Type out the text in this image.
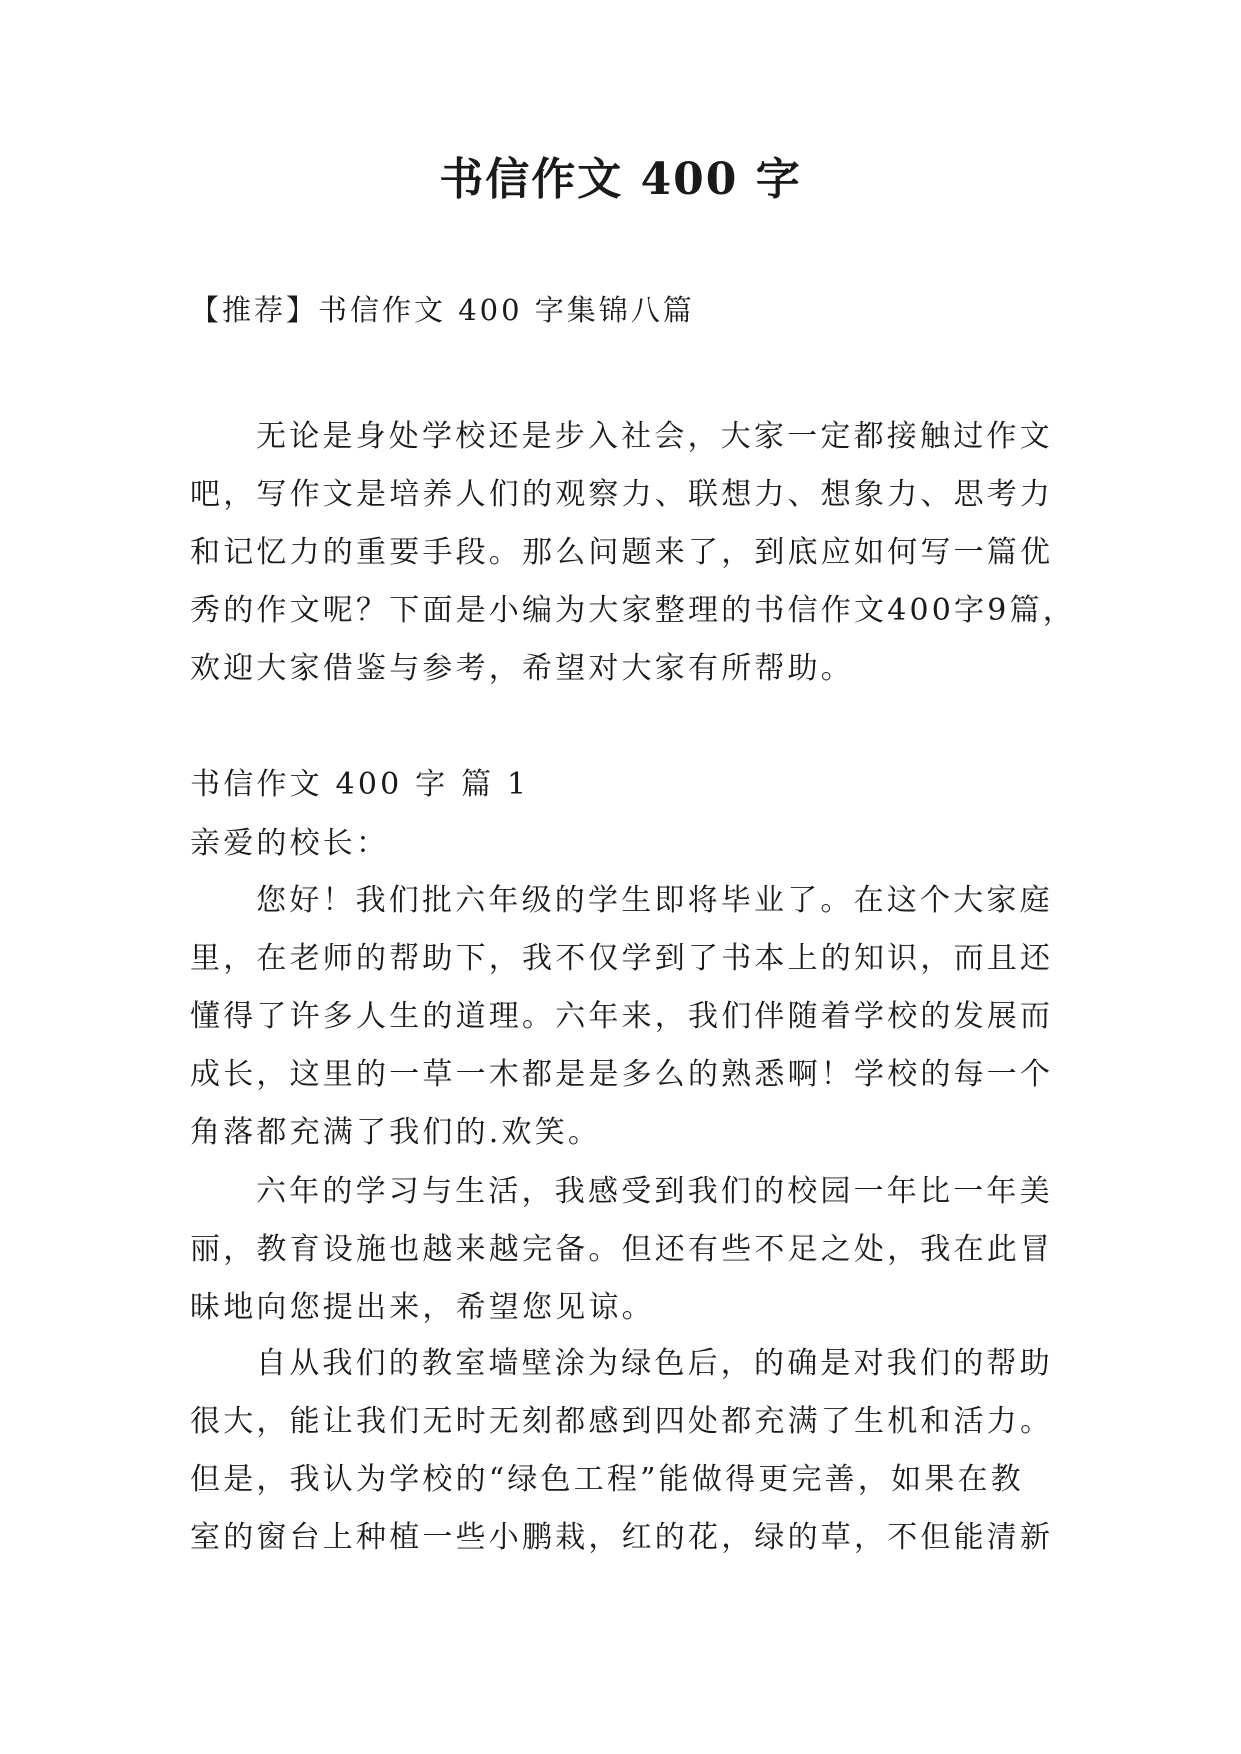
书信作文 400 字

【推荐】书信作文 400 字集锦八篇

无论是身处学校还是步入社会，大家一定都接触过作文
吧，写作文是培养人们的观察力、联想力、想象力、思考力
和记忆力的重要手段。那么问题来了，到底应如何写一篇优
秀的作文呢？下面是小编为大家整理的书信作文400字9篇，
欢迎大家借鉴与参考，希望对大家有所帮助。
书信作文 400 字 篇 1
亲爱的校长：
您好！我们批六年级的学生即将毕业了。在这个大家庭
里，在老师的帮助下，我不仅学到了书本上的知识，而且还
懂得了许多人生的道理。六年来，我们伴随着学校的发展而
成长，这里的一草一木都是是多么的熟悉啊！学校的每一个
角落都充满了我们的.欢笑。
六年的学习与生活，我感受到我们的校园一年比一年美
丽，教育设施也越来越完备。但还有些不足之处，我在此冒
昧地向您提出来，希望您见谅。
自从我们的教室墙壁涂为绿色后，的确是对我们的帮助
很大，能让我们无时无刻都感到四处都充满了生机和活力。
但是，我认为学校的“绿色工程”能做得更完善，如果在教
室的窗台上种植一些小鹏栽，红的花，绿的草，不但能清新
